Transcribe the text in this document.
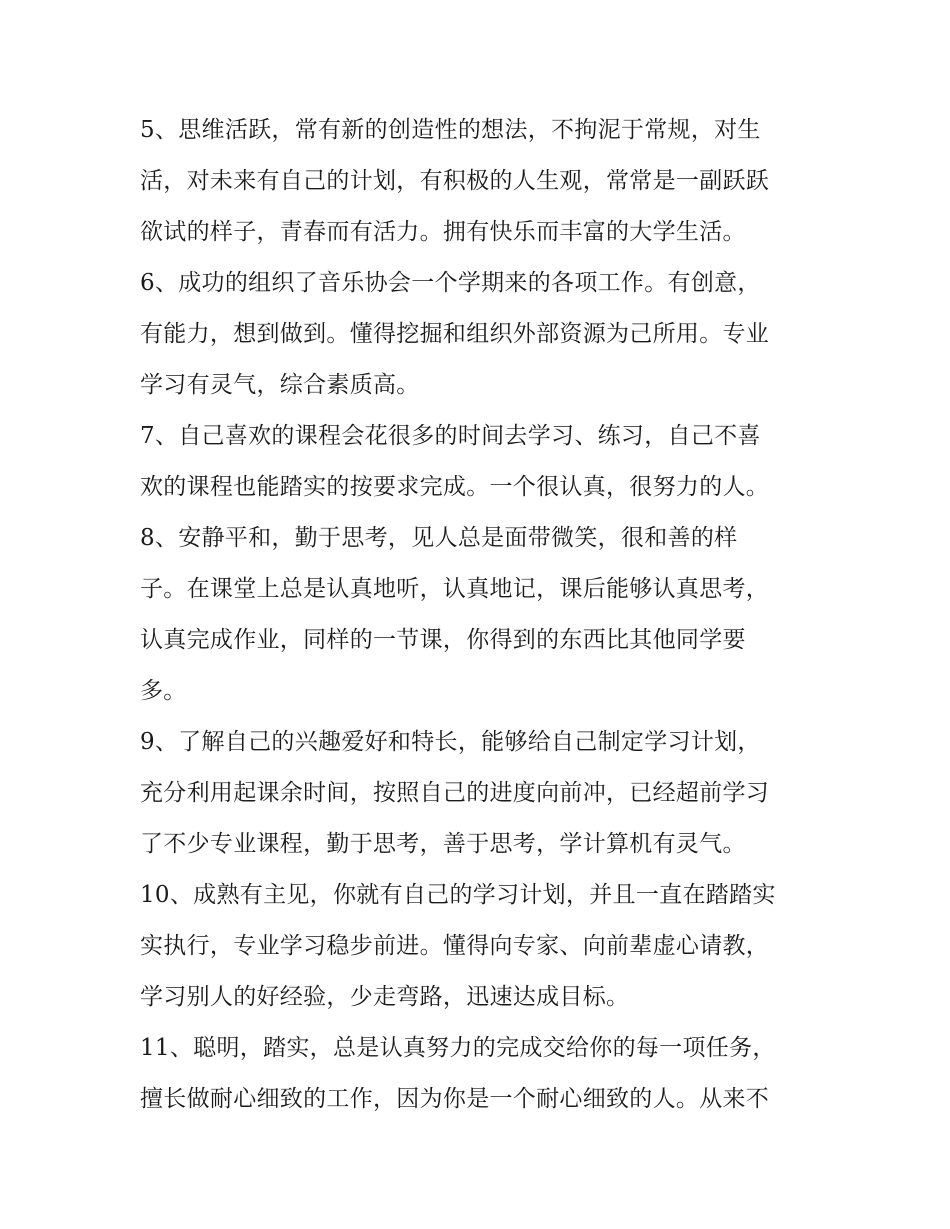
5、思维活跃，常有新的创造性的想法，不拘泥于常规，对生
活，对未来有自己的计划，有积极的人生观，常常是一副跃跃
欲试的样子，青春而有活力。拥有快乐而丰富的大学生活。
6、成功的组织了音乐协会一个学期来的各项工作。有创意，
有能力，想到做到。懂得挖掘和组织外部资源为己所用。专业
学习有灵气，综合素质高。
7、自己喜欢的课程会花很多的时间去学习、练习，自己不喜
欢的课程也能踏实的按要求完成。一个很认真，很努力的人。
8、安静平和，勤于思考，见人总是面带微笑，很和善的样
子。在课堂上总是认真地听，认真地记，课后能够认真思考，
认真完成作业，同样的一节课，你得到的东西比其他同学要
多。
9、了解自己的兴趣爱好和特长，能够给自己制定学习计划，
充分利用起课余时间，按照自己的进度向前冲，已经超前学习
了不少专业课程，勤于思考，善于思考，学计算机有灵气。
10、成熟有主见，你就有自己的学习计划，并且一直在踏踏实
实执行，专业学习稳步前进。懂得向专家、向前辈虚心请教，
学习别人的好经验，少走弯路，迅速达成目标。
11、聪明，踏实，总是认真努力的完成交给你的每一项任务，
擅长做耐心细致的工作，因为你是一个耐心细致的人。从来不
